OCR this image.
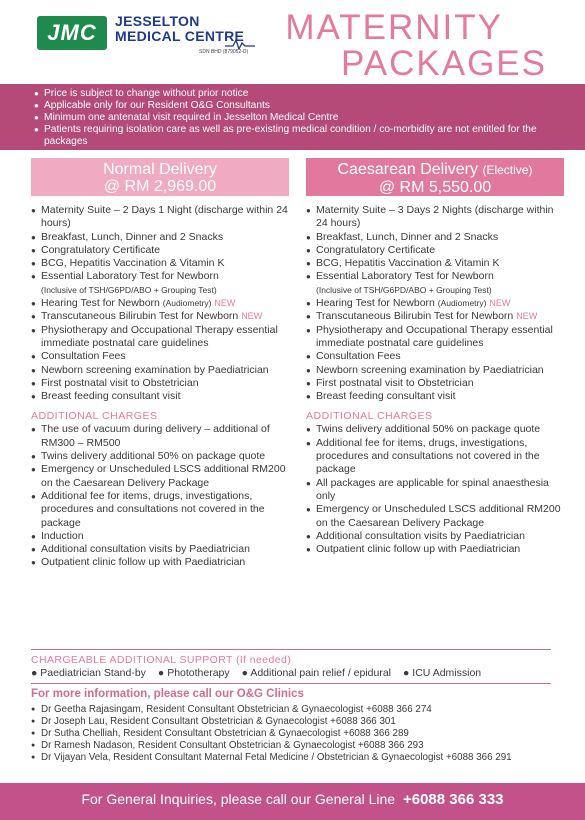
JMC	JESSELTON
MEDICAL CENTRE
SDN BHD (879052-D)
MATERNITY
PACKAGES
● Price is subject to change without prior notice
● Applicable only for our Resident O&G Consultants
● Minimum one antenatal visit required in Jesselton Medical Centre
● Patients requiring isolation care as well as pre-existing medical condition / co-morbidity are not entitled for the packages
Normal Delivery
@ RM 2,969.00
● Maternity Suite – 2 Days 1 Night (discharge within 24 hours)
● Breakfast, Lunch, Dinner and 2 Snacks
● Congratulatory Certificate
● BCG, Hepatitis Vaccination & Vitamin K
● Essential Laboratory Test for Newborn
(Inclusive of TSH/G6PD/ABO + Grouping Test)
● Hearing Test for Newborn (Audiometry) NEW
● Transcutaneous Bilirubin Test for Newborn NEW
● Physiotherapy and Occupational Therapy essential immediate postnatal care guidelines
● Consultation Fees
● Newborn screening examination by Paediatrician
● First postnatal visit to Obstetrician
● Breast feeding consultant visit
ADDITIONAL CHARGES
● The use of vacuum during delivery – additional of RM300 – RM500
● Twins delivery additional 50% on package quote
● Emergency or Unscheduled LSCS additional RM200 on the Caesarean Delivery Package
● Additional fee for items, drugs, investigations, procedures and consultations not covered in the package
● Induction
● Additional consultation visits by Paediatrician
● Outpatient clinic follow up with Paediatrician
Caesarean Delivery (Elective)
@ RM 5,550.00
● Maternity Suite – 3 Days 2 Nights (discharge within 24 hours)
● Breakfast, Lunch, Dinner and 2 Snacks
● Congratulatory Certificate
● BCG, Hepatitis Vaccination & Vitamin K
● Essential Laboratory Test for Newborn
(Inclusive of TSH/G6PD/ABO + Grouping Test)
● Hearing Test for Newborn (Audiometry) NEW
● Transcutaneous Bilirubin Test for Newborn NEW
● Physiotherapy and Occupational Therapy essential immediate postnatal care guidelines
● Consultation Fees
● Newborn screening examination by Paediatrician
● First postnatal visit to Obstetrician
● Breast feeding consultant visit
ADDITIONAL CHARGES
● Twins delivery additional 50% on package quote
● Additional fee for items, drugs, investigations, procedures and consultations not covered in the package
● All packages are applicable for spinal anaesthesia only
● Emergency or Unscheduled LSCS additional RM200 on the Caesarean Delivery Package
● Additional consultation visits by Paediatrician
● Outpatient clinic follow up with Paediatrician
CHARGEABLE ADDITIONAL SUPPORT (If needed)
● Paediatrician Stand-by ● Phototherapy ● Additional pain relief / epidural ● ICU Admission
For more information, please call our O&G Clinics
● Dr Geetha Rajasingam, Resident Consultant Obstetrician & Gynaecologist +6088 366 274
● Dr Joseph Lau, Resident Consultant Obstetrician & Gynaecologist +6088 366 301
● Dr Sutha Chelliah, Resident Consultant Obstetrician & Gynaecologist +6088 366 289
● Dr Ramesh Nadason, Resident Consultant Obstetrician & Gynaecologist +6088 366 293
● Dr Vijayan Vela, Resident Consultant Maternal Fetal Medicine / Obstetrician & Gynaecologist +6088 366 291
For General Inquiries, please call our General Line +6088 366 333
